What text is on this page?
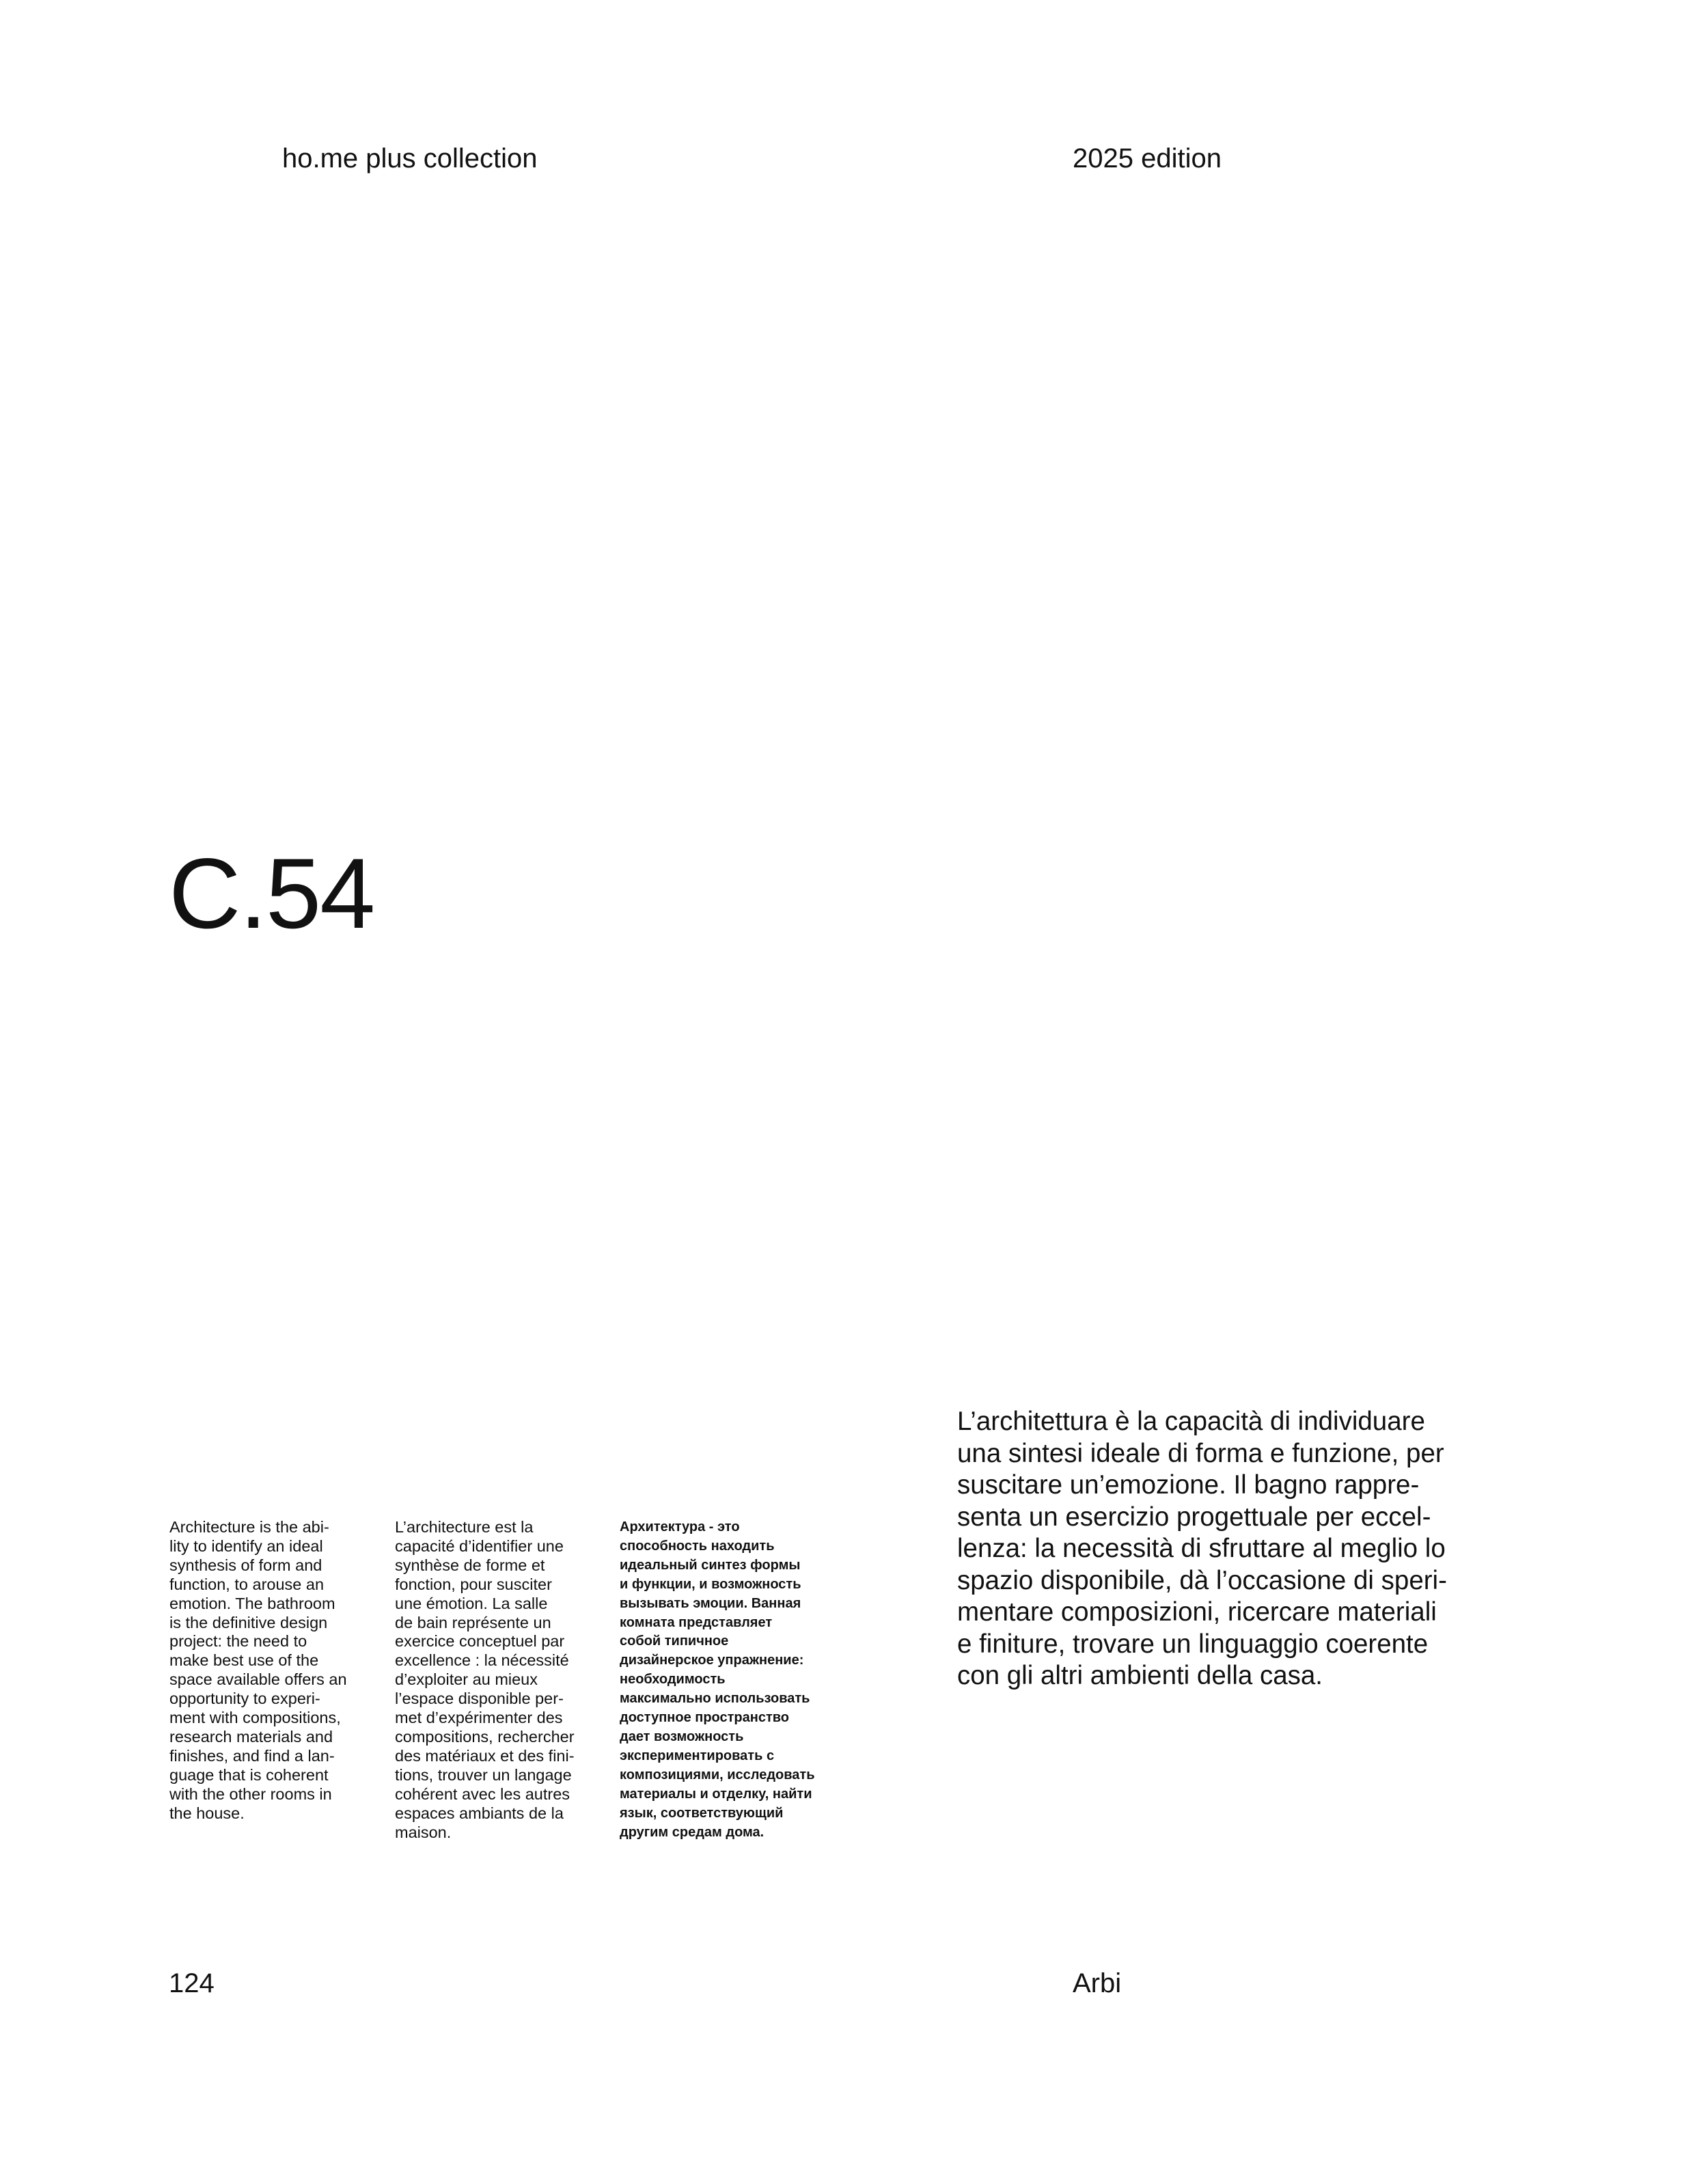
ho.me plus collection	2025 edition
C.54
L’architettura è la capacità di individuare
una sintesi ideale di forma e funzione, per
suscitare un’emozione. Il bagno rappre-
senta un esercizio progettuale per eccel-
lenza: la necessità di sfruttare al meglio lo
spazio disponibile, dà l’occasione di speri-
mentare composizioni, ricercare materiali
e finiture, trovare un linguaggio coerente
con gli altri ambienti della casa.
Architecture is the abi-
lity to identify an ideal
synthesis of form and
function, to arouse an
emotion. The bathroom
is the definitive design
project: the need to
make best use of the
space available offers an
opportunity to experi-
ment with compositions,
research materials and
finishes, and find a lan-
guage that is coherent
with the other rooms in
the house.
L’architecture est la
capacité d’identifier une
synthèse de forme et
fonction, pour susciter
une émotion. La salle
de bain représente un
exercice conceptuel par
excellence : la nécessité
d’exploiter au mieux
l’espace disponible per-
met d’expérimenter des
compositions, rechercher
des matériaux et des fini-
tions, trouver un langage
cohérent avec les autres
espaces ambiants de la
maison.
Архитектура - это
способность находить
идеальный синтез формы
и функции, и возможность
вызывать эмоции. Ванная
комната представляет
собой типичное
дизайнерское упражнение:
необходимость
максимально использовать
доступное пространство
дает возможность
экспериментировать с
композициями, исследовать
материалы и отделку, найти
язык, соответствующий
другим средам дома.
124	Arbi
